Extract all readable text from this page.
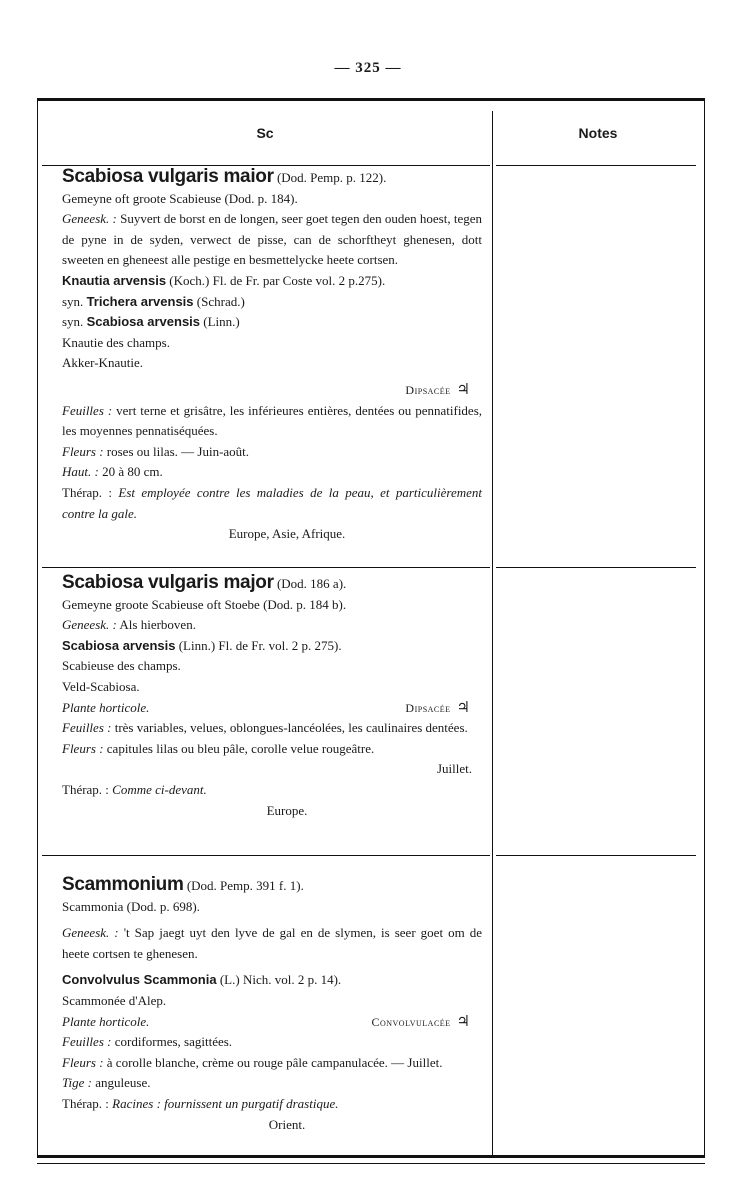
— 325 —
Sc	Notes

Scabiosa vulgaris maior (Dod. Pemp. p. 122).

Gemeyne oft groote Scabieuse (Dod. p. 184).

Geneesk. : Suyvert de borst en de longen, seer goet tegen den ouden hoest, tegen de pyne in de syden, verwect de pisse, can de schorftheyt ghenesen, dott sweeten en gheneest alle pestige en besmettelycke heete cortsen.

Knautia arvensis (Koch.) Fl. de Fr. par Coste vol. 2 p.275).

syn. Trichera arvensis (Schrad.)

syn. Scabiosa arvensis (Linn.)

Knautie des champs.

Akker-Knautie.

Dipsacée ♃

Feuilles : vert terne et grisâtre, les inférieures entières, dentées ou pennatifides, les moyennes pennatiséquées.

Fleurs : roses ou lilas. — Juin-août.

Haut. : 20 à 80 cm.

Thérap. : Est employée contre les maladies de la peau, et particulièrement contre la gale.

Europe, Asie, Afrique.

Scabiosa vulgaris major (Dod. 186 a).

Gemeyne groote Scabieuse oft Stoebe (Dod. p. 184 b).

Geneesk. : Als hierboven.

Scabiosa arvensis (Linn.) Fl. de Fr. vol. 2 p. 275).

Scabieuse des champs.

Veld-Scabiosa.

Plante horticole.	Dipsacée ♃

Feuilles : très variables, velues, oblongues-lancéolées, les caulinaires dentées.

Fleurs : capitules lilas ou bleu pâle, corolle velue rougeâtre.

Juillet.

Thérap. : Comme ci-devant.

Europe.

Scammonium (Dod. Pemp. 391 f. 1).

Scammonia (Dod. p. 698).

Geneesk. : 't Sap jaegt uyt den lyve de gal en de slymen, is seer goet om de heete cortsen te ghenesen.

Convolvulus Scammonia (L.) Nich. vol. 2 p. 14).

Scammonée d'Alep.

Plante horticole.	Convolvulacée ♃

Feuilles : cordiformes, sagittées.

Fleurs : à corolle blanche, crème ou rouge pâle campanulacée. — Juillet.

Tige : anguleuse.

Thérap. : Racines : fournissent un purgatif drastique.

Orient.
